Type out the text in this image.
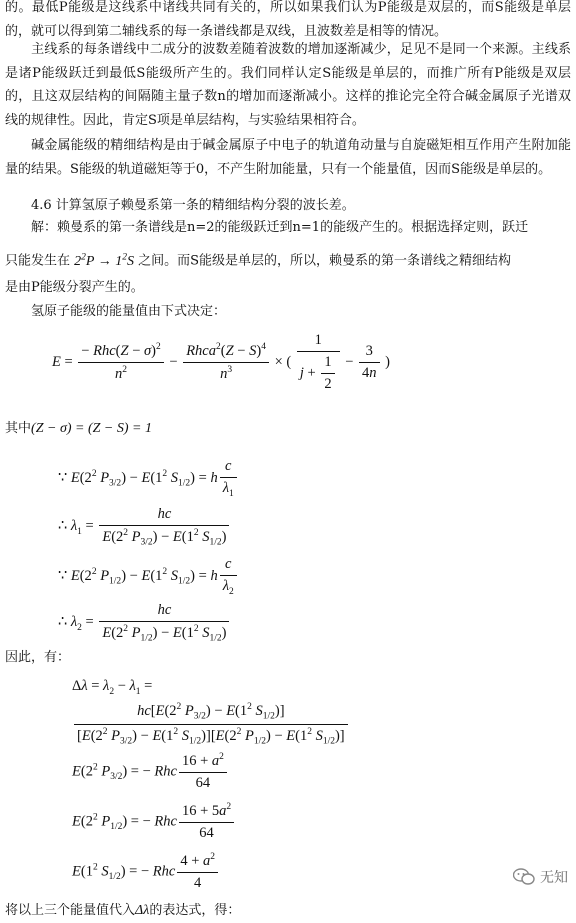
的。最低P能级是这线系中诸线共同有关的，所以如果我们认为P能级是双层的，而S能级是单层的，就可以得到第二辅线系的每一条谱线都是双线，且波数差是相等的情况。

主线系的每条谱线中二成分的波数差随着波数的增加逐渐减少，足见不是同一个来源。主线系是诸P能级跃迁到最低S能级所产生的。我们同样认定S能级是单层的，而推广所有P能级是双层的，且这双层结构的间隔随主量子数n的增加而逐渐减小。这样的推论完全符合碱金属原子光谱双线的规律性。因此，肯定S项是单层结构，与实验结果相符合。

碱金属能级的精细结构是由于碱金属原子中电子的轨道角动量与自旋磁矩相互作用产生附加能量的结果。S能级的轨道磁矩等于0，不产生附加能量，只有一个能量值，因而S能级是单层的。

4.6 计算氢原子赖曼系第一条的精细结构分裂的波长差。

解：赖曼系的第一条谱线是n=2的能级跃迁到n=1的能级产生的。根据选择定则，跃迁

只能发生在 $2^2P \to 1^2S$ 之间。而S能级是单层的，所以，赖曼系的第一条谱线之精细结构

是由P能级分裂产生的。

氢原子能级的能量值由下式决定：

$E = \frac{- Rhc(Z - \sigma)^2}{n^2} - \frac{Rhca^2(Z - S)^4}{n^3}$ × ( $\frac{1}{j + \frac{1}{2}} - \frac{3}{4n}$ )

其中(Z − σ) = (Z − S) = 1

∵ $E(2^2$ $P_{3/2}) - E(1^2$ $S_{1/2}) = h \frac{c}{\lambda_1}$
∴ $\lambda_1 = \frac{hc}{E(2^2 P_{3/2}) - E(1^2 S_{1/2})}$
∵ $E(2^2$ $P_{1/2}) - E(1^2$ $S_{1/2}) = h \frac{c}{\lambda_2}$
∴ $\lambda_2 = \frac{hc}{E(2^2 P_{1/2}) - E(1^2 S_{1/2})}$

因此，有：

$\Delta\lambda = \lambda_2 - \lambda_1$ =
$\frac{hc[E(2^2 P_{3/2}) - E(1^2 S_{1/2})]}{[E(2^2 P_{3/2}) - E(1^2 S_{1/2})][E(2^2 P_{1/2}) - E(1^2 S_{1/2})]}$
$E(2^2$ $P_{3/2}$) = − Rhc $\frac{16 + a^2}{64}$
$E(2^2$ $P_{1/2}$) = − Rhc $\frac{16 + 5a^2}{64}$
$E(1^2$ $S_{1/2}$) = − Rhc $\frac{4 + a^2}{4}$

将以上三个能量值代入Δλ的表达式，得：

无知
